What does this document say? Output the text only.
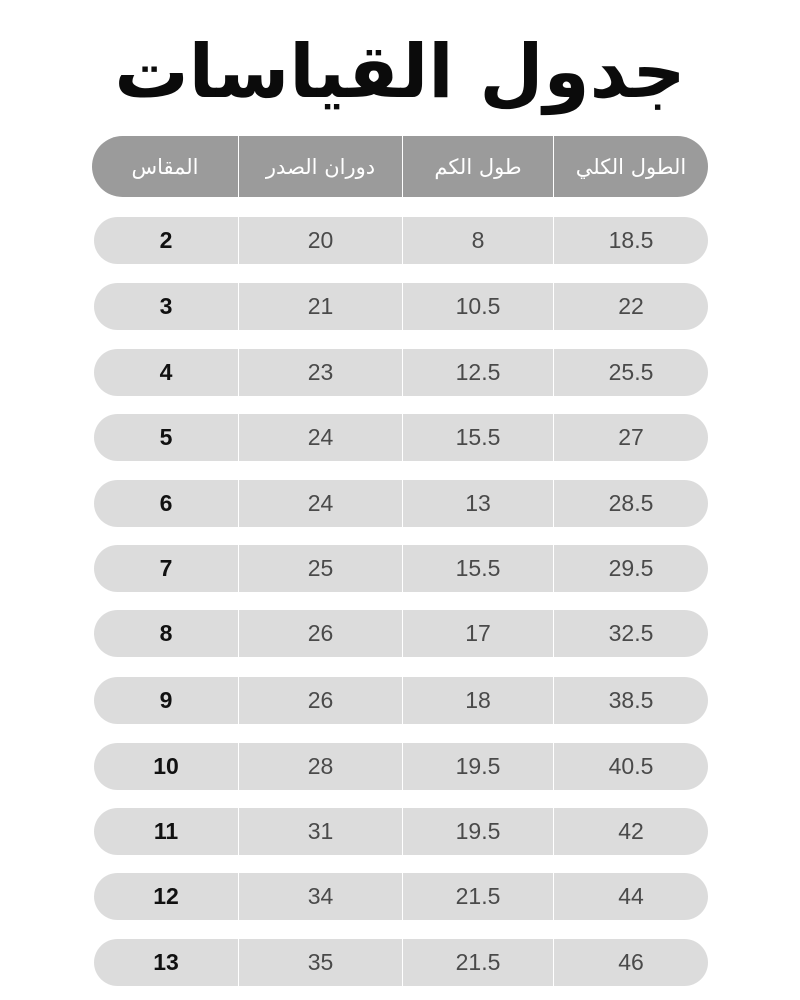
جدول القياسات
المقاس	دوران الصدر	طول الكم	الطول الكلي
2	20	8	18.5
3	21	10.5	22
4	23	12.5	25.5
5	24	15.5	27
6	24	13	28.5
7	25	15.5	29.5
8	26	17	32.5
9	26	18	38.5
10	28	19.5	40.5
11	31	19.5	42
12	34	21.5	44
13	35	21.5	46
